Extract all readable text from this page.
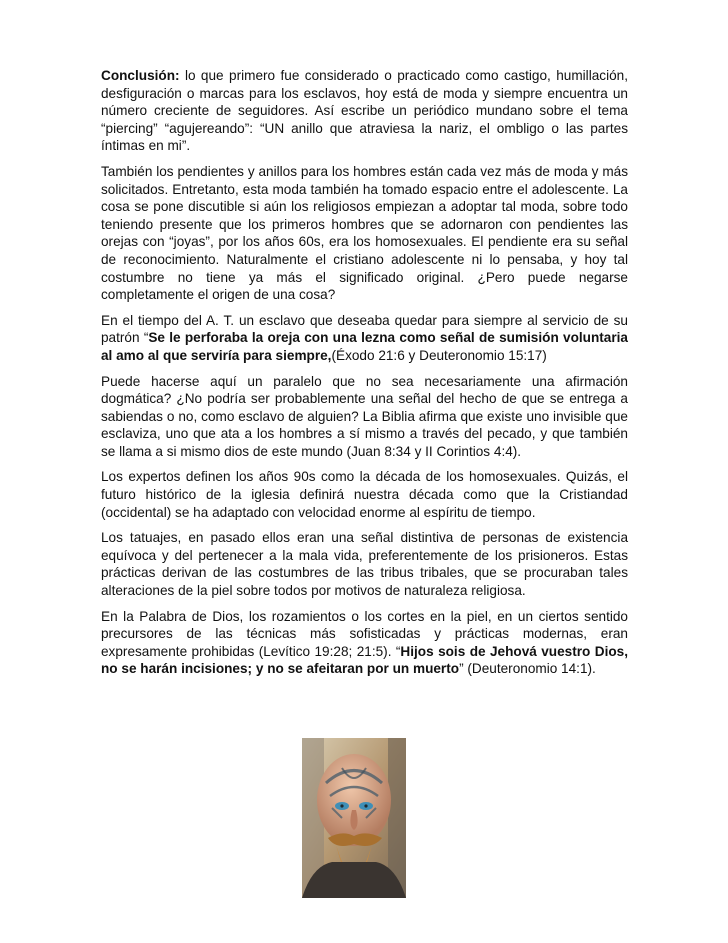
Conclusión: lo que primero fue considerado o practicado como castigo, humillación, desfiguración o marcas para los esclavos, hoy está de moda y siempre encuentra un número creciente de seguidores. Así escribe un periódico mundano sobre el tema “piercing” “agujereando”: “UN anillo que atraviesa la nariz, el ombligo o las partes íntimas en mi”.

También los pendientes y anillos para los hombres están cada vez más de moda y más solicitados. Entretanto, esta moda también ha tomado espacio entre el adolescente. La cosa se pone discutible si aún los religiosos empiezan a adoptar tal moda, sobre todo teniendo presente que los primeros hombres que se adornaron con pendientes las orejas con “joyas”, por los años 60s, era los homosexuales. El pendiente era su señal de reconocimiento. Naturalmente el cristiano adolescente ni lo pensaba, y hoy tal costumbre no tiene ya más el significado original. ¿Pero puede negarse completamente el origen de una cosa?

En el tiempo del A. T. un esclavo que deseaba quedar para siempre al servicio de su patrón “Se le perforaba la oreja con una lezna como señal de sumisión voluntaria al amo al que serviría para siempre,(Éxodo 21:6 y Deuteronomio 15:17)

Puede hacerse aquí un paralelo que no sea necesariamente una afirmación dogmática? ¿No podría ser probablemente una señal del hecho de que se entrega a sabiendas o no, como esclavo de alguien? La Biblia afirma que existe uno invisible que esclaviza, uno que ata a los hombres a sí mismo a través del pecado, y que también se llama a si mismo dios de este mundo (Juan 8:34 y II Corintios 4:4).

Los expertos definen los años 90s como la década de los homosexuales. Quizás, el futuro histórico de la iglesia definirá nuestra década como que la Cristiandad (occidental) se ha adaptado con velocidad enorme al espíritu de tiempo.

Los tatuajes, en pasado ellos eran una señal distintiva de personas de existencia equívoca y del pertenecer a la mala vida, preferentemente de los prisioneros. Estas prácticas derivan de las costumbres de las tribus tribales, que se procuraban tales alteraciones de la piel sobre todos por motivos de naturaleza religiosa.

En la Palabra de Dios, los rozamientos o los cortes en la piel, en un ciertos sentido precursores de las técnicas más sofisticadas y prácticas modernas, eran expresamente prohibidas (Levítico 19:28; 21:5). “Hijos sois de Jehová vuestro Dios, no se harán incisiones; y no se afeitaran por un muerto” (Deuteronomio 14:1).
